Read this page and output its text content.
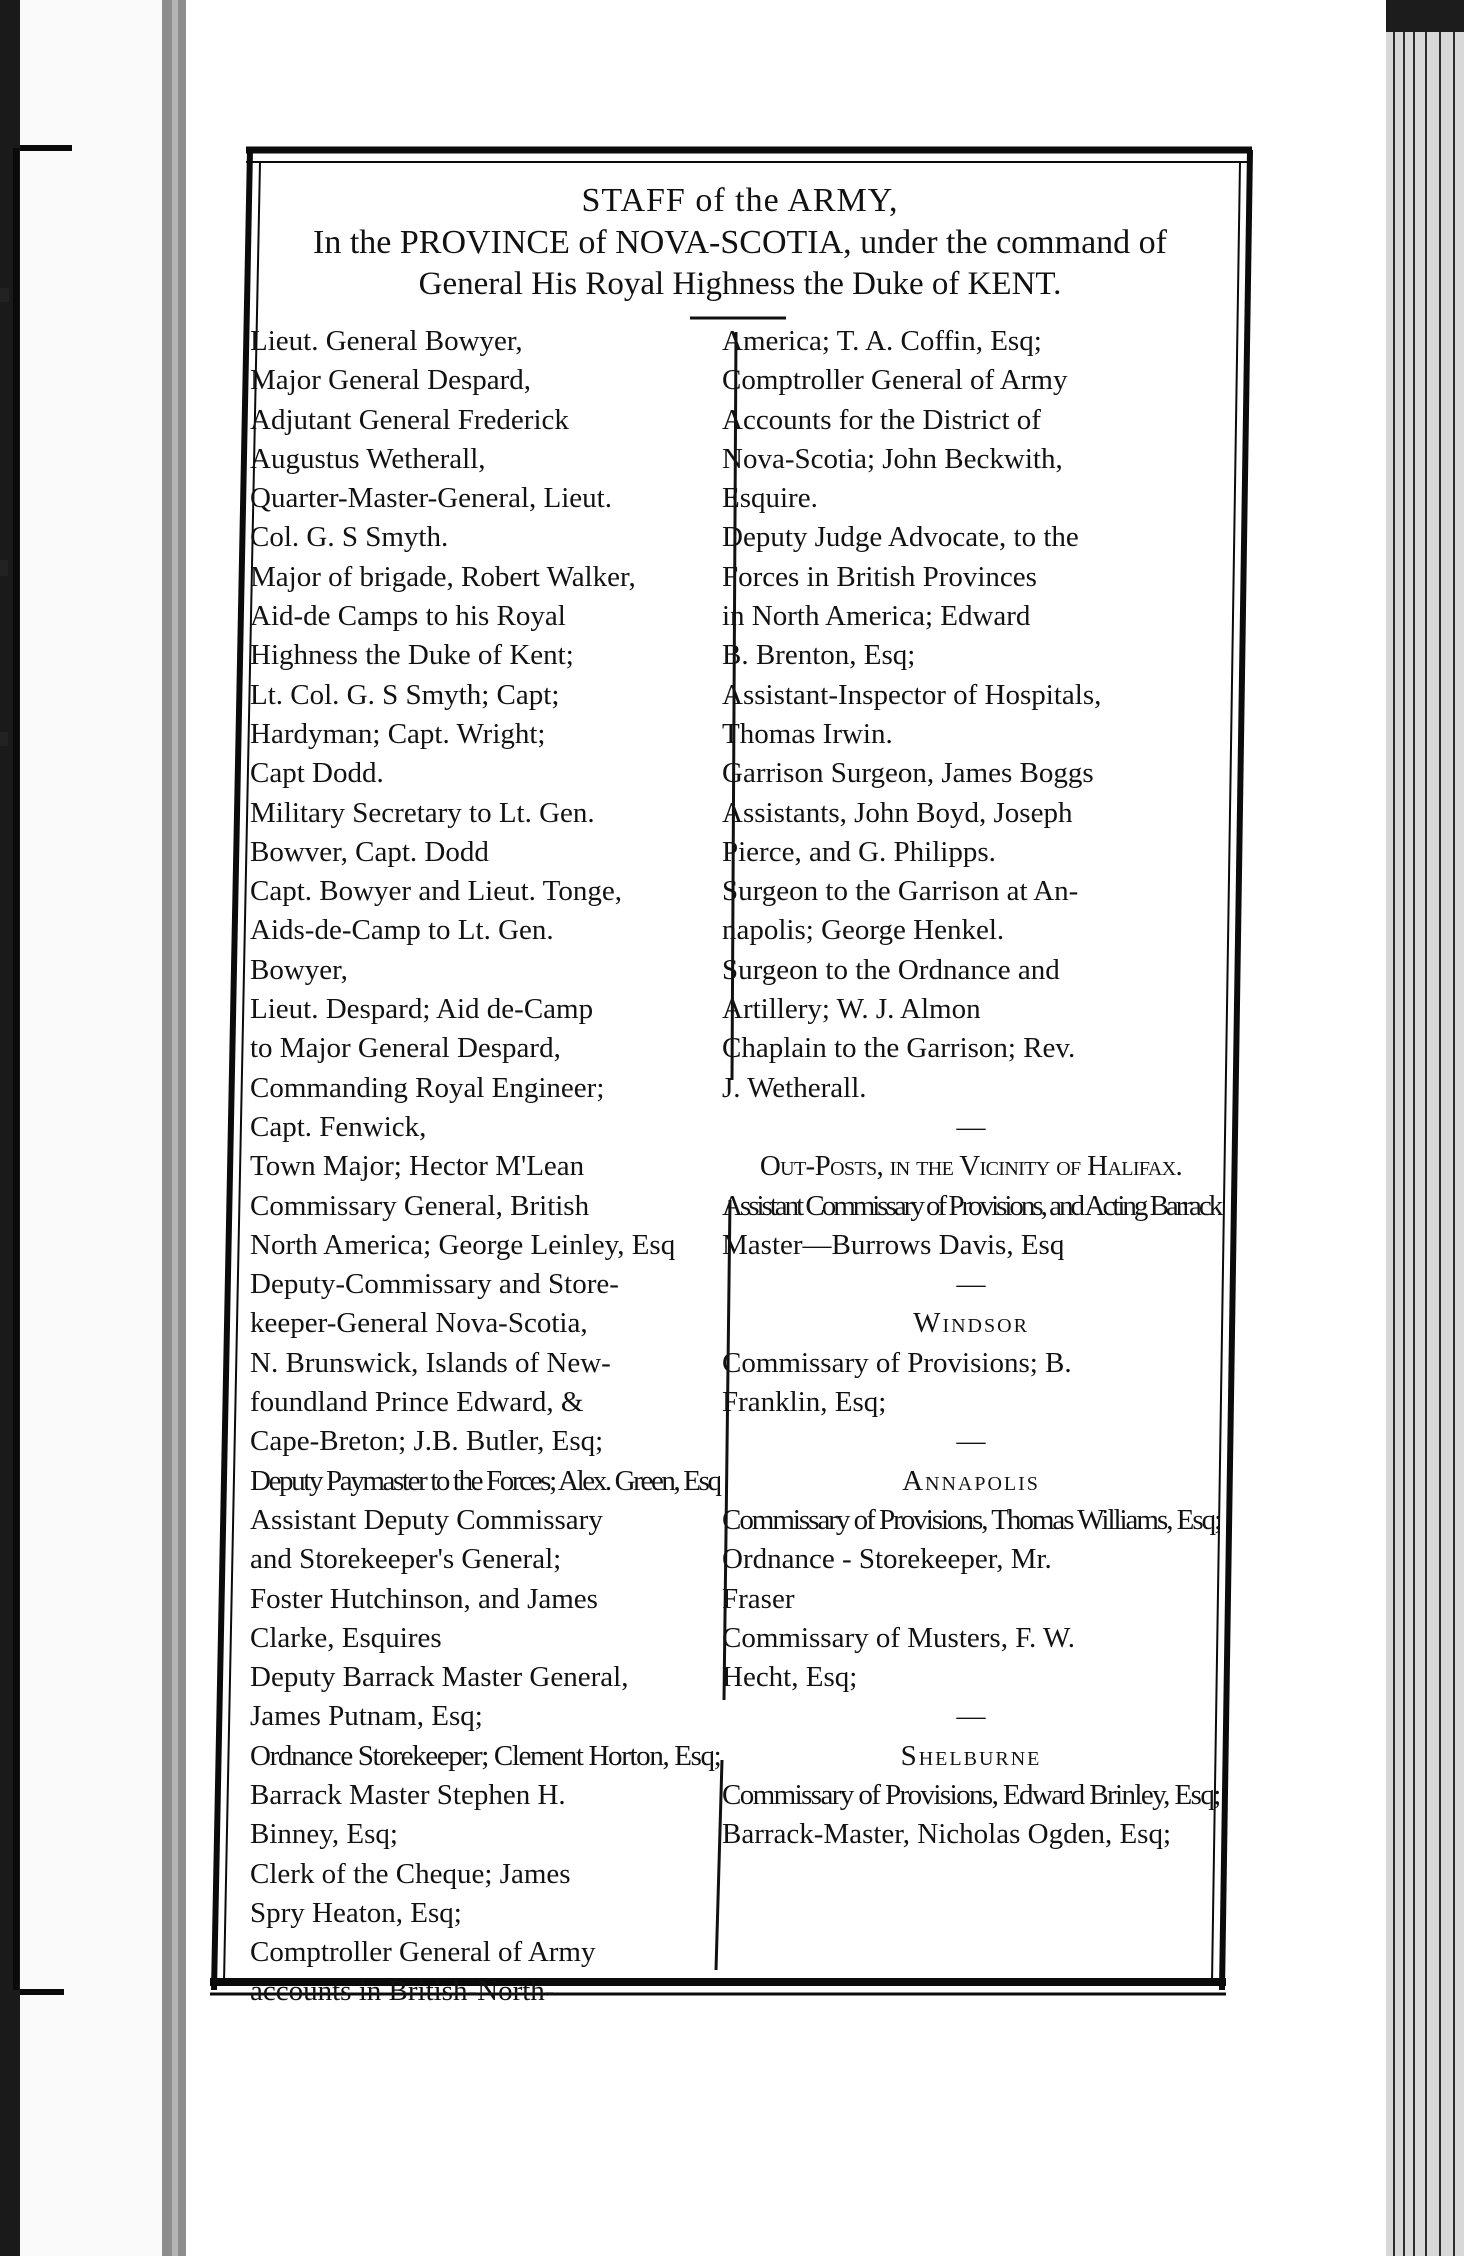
STAFF of the ARMY,
In the PROVINCE of NOVA-SCOTIA, under the command of
General His Royal Highness the Duke of KENT.
Lieut. General Bowyer,
Major General Despard,
Adjutant General Frederick
Augustus Wetherall,
Quarter-Master-General, Lieut.
Col. G. S Smyth.
Major of brigade, Robert Walker,
Aid-de Camps to his Royal
Highness the Duke of Kent;
Lt. Col. G. S Smyth; Capt;
Hardyman; Capt. Wright;
Capt Dodd.
Military Secretary to Lt. Gen.
Bowver, Capt. Dodd
Capt. Bowyer and Lieut. Tonge,
Aids-de-Camp to Lt. Gen.
Bowyer,
Lieut. Despard; Aid de-Camp
to Major General Despard,
Commanding Royal Engineer;
Capt. Fenwick,
Town Major; Hector M'Lean
Commissary General, British
North America; George Leinley, Esq
Deputy-Commissary and Store-
keeper-General Nova-Scotia,
N. Brunswick, Islands of New-
foundland Prince Edward, &
Cape-Breton; J.B. Butler, Esq;
Deputy Paymaster to the Forces; Alex. Green, Esq
Assistant Deputy Commissary
and Storekeeper's General;
Foster Hutchinson, and James
Clarke, Esquires
Deputy Barrack Master General,
James Putnam, Esq;
Ordnance Storekeeper; Clement Horton, Esq;
Barrack Master Stephen H.
Binney, Esq;
Clerk of the Cheque; James
Spry Heaton, Esq;
Comptroller General of Army
accounts in British-North-
America; T. A. Coffin, Esq;
Comptroller General of Army
Accounts for the District of
Nova-Scotia; John Beckwith,
Esquire.
Deputy Judge Advocate, to the
Forces in British Provinces
in North America; Edward
B. Brenton, Esq;
Assistant-Inspector of Hospitals,
Thomas Irwin.
Garrison Surgeon, James Boggs
Assistants, John Boyd, Joseph
Pierce, and G. Philipps.
Surgeon to the Garrison at An-
napolis; George Henkel.
Surgeon to the Ordnance and
Artillery; W. J. Almon
Chaplain to the Garrison; Rev.
J. Wetherall.
—
Out-Posts, in the Vicinity of Halifax.
Assistant Commissary of Provisions, and Acting Barrack
Master—Burrows Davis, Esq
—
Windsor
Commissary of Provisions; B.
Franklin, Esq;
—
Annapolis
Commissary of Provisions, Thomas Williams, Esq;
Ordnance - Storekeeper, Mr.
Fraser
Commissary of Musters, F. W.
Hecht, Esq;
—
Shelburne
Commissary of Provisions, Edward Brinley, Esq;
Barrack-Master, Nicholas Ogden, Esq;
